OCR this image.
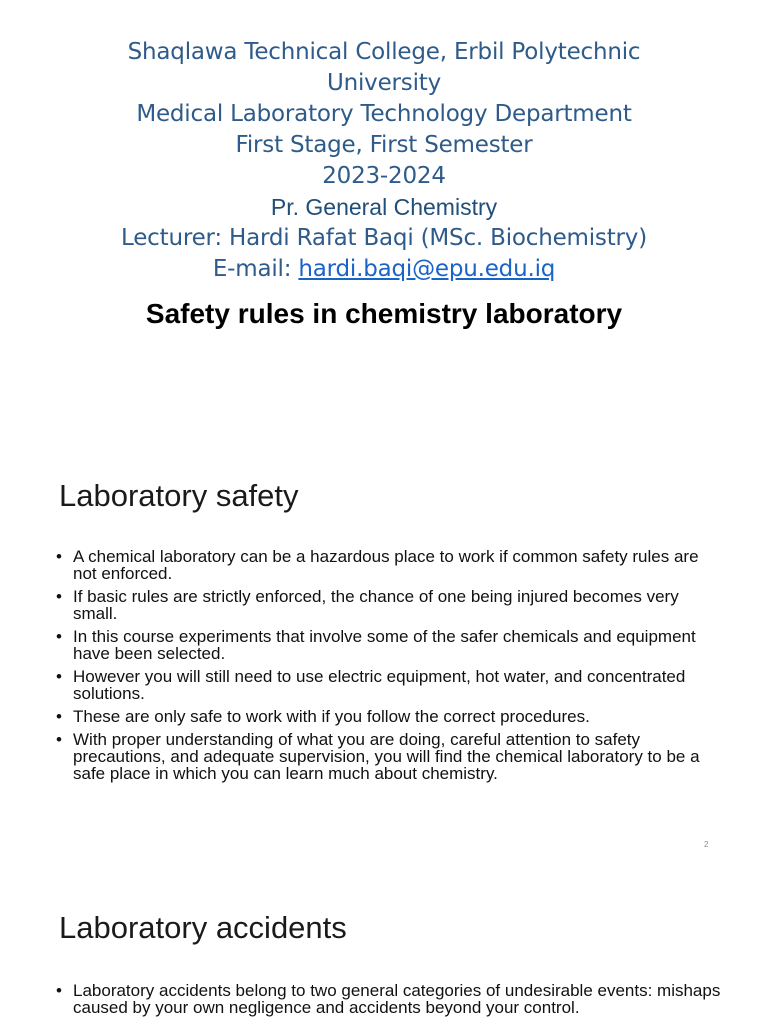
Shaqlawa Technical College, Erbil Polytechnic
University
Medical Laboratory Technology Department
First Stage, First Semester
2023-2024
Pr. General Chemistry
Lecturer: Hardi Rafat Baqi (MSc. Biochemistry)
E-mail: hardi.baqi@epu.edu.iq
Safety rules in chemistry laboratory
Laboratory safety
• A chemical laboratory can be a hazardous place to work if common safety rules are not enforced.
• If basic rules are strictly enforced, the chance of one being injured becomes very small.
• In this course experiments that involve some of the safer chemicals and equipment have been selected.
• However you will still need to use electric equipment, hot water, and concentrated solutions.
• These are only safe to work with if you follow the correct procedures.
• With proper understanding of what you are doing, careful attention to safety precautions, and adequate supervision, you will find the chemical laboratory to be a safe place in which you can learn much about chemistry.
2
Laboratory accidents
• Laboratory accidents belong to two general categories of undesirable events: mishaps caused by your own negligence and accidents beyond your control.
